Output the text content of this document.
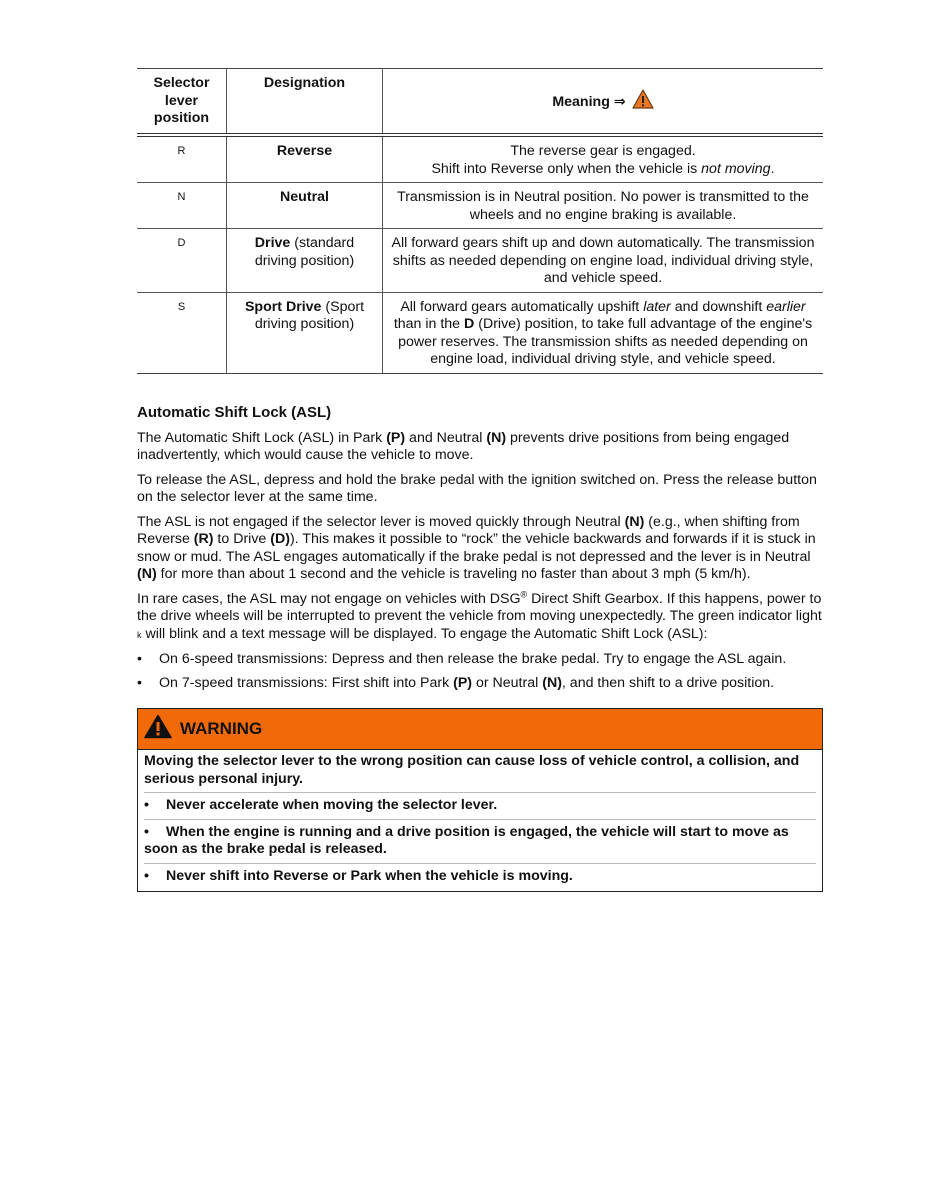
Selector lever position	Designation	Meaning ⇒
R	Reverse	The reverse gear is engaged.
Shift into Reverse only when the vehicle is not moving.
N	Neutral	Transmission is in Neutral position. No power is transmitted to the wheels and no engine braking is available.
D	Drive (standard driving position)	All forward gears shift up and down automatically. The transmission shifts as needed depending on engine load, individual driving style, and vehicle speed.
S	Sport Drive (Sport driving position)	All forward gears automatically upshift later and downshift earlier than in the D (Drive) position, to take full advantage of the engine's power reserves. The transmission shifts as needed depending on engine load, individual driving style, and vehicle speed.
Automatic Shift Lock (ASL)

The Automatic Shift Lock (ASL) in Park (P) and Neutral (N) prevents drive positions from being engaged inadvertently, which would cause the vehicle to move.

To release the ASL, depress and hold the brake pedal with the ignition switched on. Press the release button on the selector lever at the same time.

The ASL is not engaged if the selector lever is moved quickly through Neutral (N) (e.g., when shifting from Reverse (R) to Drive (D)). This makes it possible to “rock” the vehicle backwards and forwards if it is stuck in snow or mud. The ASL engages automatically if the brake pedal is not depressed and the lever is in Neutral (N) for more than about 1 second and the vehicle is traveling no faster than about 3 mph (5 km/h).

In rare cases, the ASL may not engage on vehicles with DSG® Direct Shift Gearbox. If this happens, power to the drive wheels will be interrupted to prevent the vehicle from moving unexpectedly. The green indicator light k will blink and a text message will be displayed. To engage the Automatic Shift Lock (ASL):

•	On 6-speed transmissions: Depress and then release the brake pedal. Try to engage the ASL again.
•	On 7-speed transmissions: First shift into Park (P) or Neutral (N), and then shift to a drive position.
WARNING
Moving the selector lever to the wrong position can cause loss of vehicle control, a collision, and serious personal injury.
• Never accelerate when moving the selector lever.
• When the engine is running and a drive position is engaged, the vehicle will start to move as soon as the brake pedal is released.
• Never shift into Reverse or Park when the vehicle is moving.
